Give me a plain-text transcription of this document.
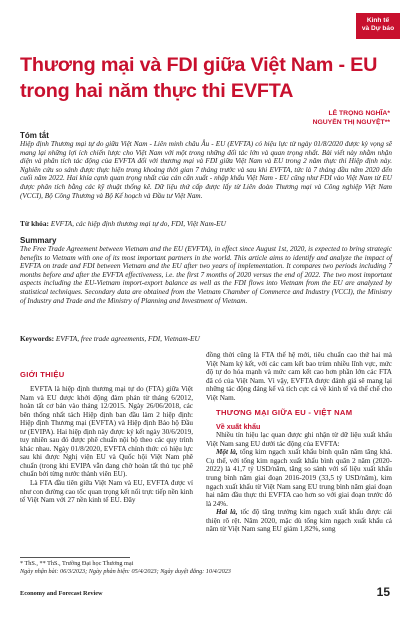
Kinh tế
và Dự báo
Thương mại và FDI giữa Việt Nam - EU trong hai năm thực thi EVFTA
LÊ TRỌNG NGHĨA*
NGUYỄN THỊ NGUYỆT**
Tóm tắt
Hiệp định Thương mại tự do giữa Việt Nam - Liên minh châu Âu - EU (EVFTA) có hiệu lực từ ngày 01/8/2020 được kỳ vọng sẽ mang lại những lợi ích chiến lược cho Việt Nam với một trong những đối tác lớn và quan trọng nhất. Bài viết này nhằm nhận diện và phân tích tác động của EVFTA đối với thương mại và FDI giữa Việt Nam và EU trong 2 năm thực thi Hiệp định này. Nghiên cứu so sánh được thực hiện trong khoảng thời gian 7 tháng trước và sau khi EVFTA, tức là 7 tháng đầu năm 2020 đến cuối năm 2022. Hai khía cạnh quan trọng nhất của cán cân xuất - nhập khẩu Việt Nam - EU cũng như FDI vào Việt Nam từ EU được phân tích bằng các kỹ thuật thống kê. Dữ liệu thứ cấp được lấy từ Liên đoàn Thương mại và Công nghiệp Việt Nam (VCCI), Bộ Công Thương và Bộ Kế hoạch và Đầu tư Việt Nam.
Từ khóa: EVFTA, các hiệp định thương mại tự do, FDI, Việt Nam-EU
Summary
The Free Trade Agreement between Vietnam and the EU (EVFTA), in effect since August 1st, 2020, is expected to bring strategic benefits to Vietnam with one of its most important partners in the world. This article aims to identify and analyze the impact of EVFTA on trade and FDI between Vietnam and the EU after two years of implementation. It compares two periods including 7 months before and after the EVFTA effectiveness, i.e. the first 7 months of 2020 versus the end of 2022. The two most important aspects including the EU-Vietnam import-export balance as well as the FDI flows into Vietnam from the EU are analyzed by statistical techniques. Secondary data are obtained from the Vietnam Chamber of Commerce and Industry (VCCI), the Ministry of Industry and Trade and the Ministry of Planning and Investment of Vietnam.
Keywords: EVFTA, free trade agreements, FDI, Vietnam-EU
GIỚI THIỆU
EVFTA là hiệp định thương mại tự do (FTA) giữa Việt Nam và EU được khởi động đàm phán từ tháng 6/2012, hoàn tất cơ bản vào tháng 12/2015. Ngày 26/06/2018, các bên thống nhất tách Hiệp định ban đầu làm 2 hiệp định: Hiệp định Thương mại (EVFTA) và Hiệp định Bảo hộ Đầu tư (EVIPA). Hai hiệp định này được ký kết ngày 30/6/2019, tuy nhiên sau đó được phê chuẩn nội bộ theo các quy trình khác nhau. Ngày 01/8/2020, EVFTA chính thức có hiệu lực sau khi được Nghị viện EU và Quốc hội Việt Nam phê chuẩn (trong khi EVIPA vẫn đang chờ hoàn tất thủ tục phê chuẩn bởi từng nước thành viên EU).
Là FTA đầu tiên giữa Việt Nam và EU, EVFTA được ví như con đường cao tốc quan trọng kết nối trực tiếp nền kinh tế Việt Nam với 27 nền kinh tế EU. Đây
đồng thời cũng là FTA thế hệ mới, tiêu chuẩn cao thứ hai mà Việt Nam ký kết, với các cam kết bao trùm nhiều lĩnh vực, mức độ tự do hóa mạnh và mức cam kết cao hơn phần lớn các FTA đã có của Việt Nam. Vì vậy, EVFTA được đánh giá sẽ mang lại những tác động đáng kể và tích cực cả về kinh tế và thể chế cho Việt Nam.
THƯƠNG MẠI GIỮA EU - VIỆT NAM
Về xuất khẩu
Nhiều tín hiệu lạc quan được ghi nhận từ dữ liệu xuất khẩu Việt Nam sang EU dưới tác động của EVFTA:
Một là, tổng kim ngạch xuất khẩu bình quân năm tăng khá. Cụ thể, với tổng kim ngạch xuất khẩu bình quân 2 năm (2020-2022) là 41,7 tỷ USD/năm, tăng so sánh với số liệu xuất khẩu trung bình năm giai đoạn 2016-2019 (33,5 tỷ USD/năm), kim ngạch xuất khẩu từ Việt Nam sang EU trung bình năm giai đoạn hai năm đầu thực thi EVFTA cao hơn so với giai đoạn trước đó là 24%.
Hai là, tốc độ tăng trưởng kim ngạch xuất khẩu được cải thiện rõ rệt. Năm 2020, mặc dù tổng kim ngạch xuất khẩu cả năm từ Việt Nam sang EU giảm 1,82%, song
* ThS., ** ThS., Trường Đại học Thương mại
Ngày nhận bài: 06/3/2023; Ngày phản biện: 05/4/2023; Ngày duyệt đăng: 10/4/2023
Economy and Forecast Review	15
